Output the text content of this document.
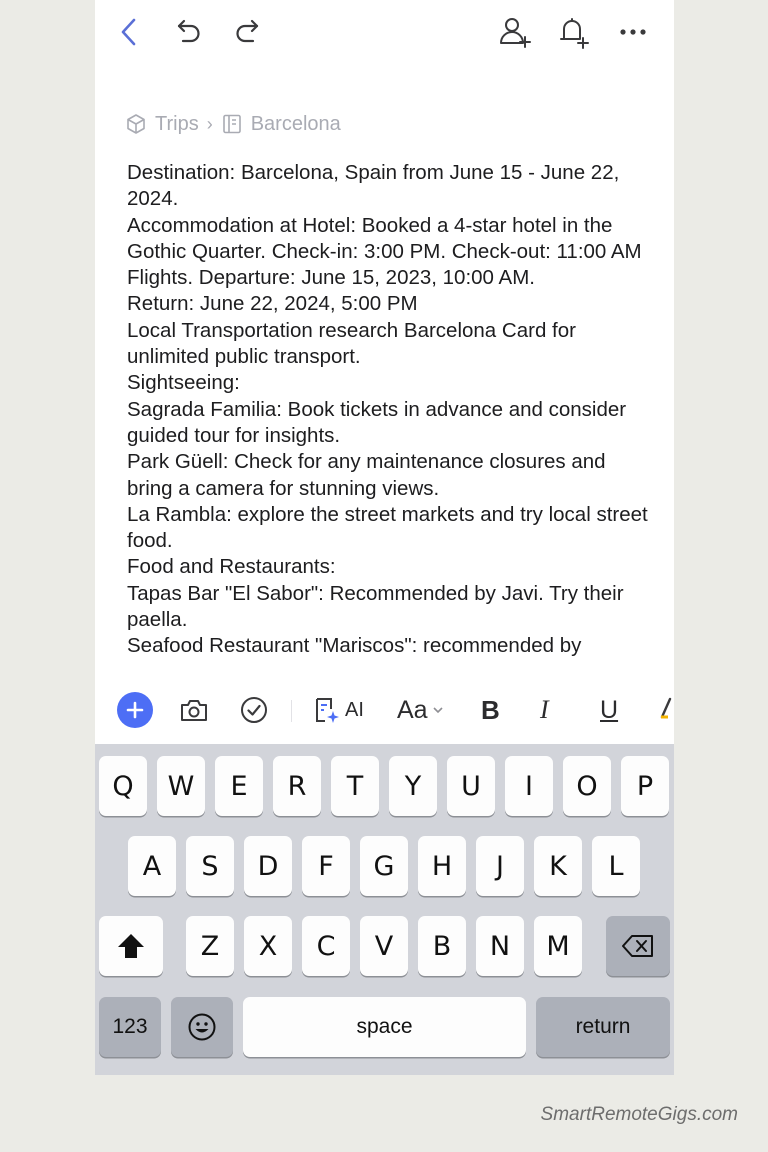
Trips › Barcelona

Destination: Barcelona, Spain from June 15 - June 22, 2024.

Accommodation at Hotel: Booked a 4-star hotel in the Gothic Quarter. Check-in: 3:00 PM. Check-out: 11:00 AM

Flights. Departure: June 15, 2023, 10:00 AM.

Return: June 22, 2024, 5:00 PM

Local Transportation research Barcelona Card for unlimited public transport.

Sightseeing:

Sagrada Familia: Book tickets in advance and consider guided tour for insights.

Park Güell: Check for any maintenance closures and bring a camera for stunning views.

La Rambla: explore the street markets and try local street food.

Food and Restaurants:

Tapas Bar "El Sabor": Recommended by Javi. Try their paella.

Seafood Restaurant "Mariscos": recommended by

AI Aa B I U
Q	W	E	R	T	Y	U	I	O	P
A	S	D	F	G	H	J	K	L
Z	X	C	V	B	N	M
123	space	return
SmartRemoteGigs.com
